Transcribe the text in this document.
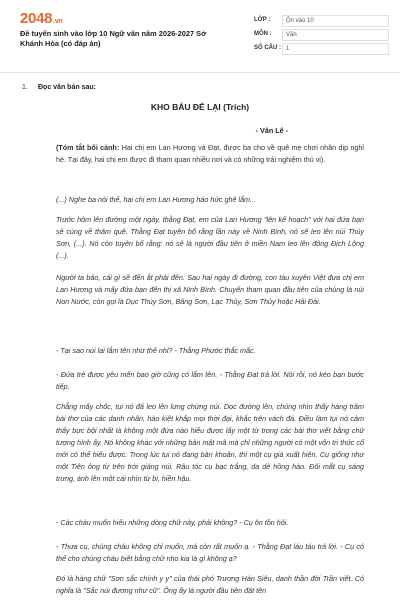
2048.vn
Đề tuyển sinh vào lớp 10 Ngữ văn năm 2026-2027 Sở Khánh Hòa (có đáp án)
LỚP :	Ôn vào 10
MÔN :	Văn
SỐ CÂU : 1
1. Đọc văn bản sau:
KHO BÁU ĐỂ LẠI (Trích)
- Văn Lê -

(Tóm tắt bối cảnh: Hai chị em Lan Hương và Đạt, được ba cho về quê mẹ chơi nhân dịp nghỉ hè. Tại đây, hai chị em được đi tham quan nhiều nơi và có những trải nghiệm thú vị).

(...) Nghe ba nói thế, hai chị em Lan Hương háo hức ghê lắm...

Trước hôm lên đường một ngày, thằng Đạt, em của Lan Hương "lên kế hoạch" với hai đứa bạn sẽ cùng về thăm quê. Thằng Đạt tuyên bố rằng lần này về Ninh Bình, nó sẽ leo lên núi Thúy Sơn, (...). Nó còn tuyên bố rằng: nó sẽ là người đầu tiên ở miền Nam leo lên động Địch Lộng (...).

Người ta bảo, cái gì sẽ đến ắt phải đến. Sau hai ngày đi đường, con tàu xuyên Việt đưa chị em Lan Hương và mấy đứa bạn đến thị xã Ninh Bình. Chuyến tham quan đầu tiên của chúng là núi Non Nước, còn gọi là Dục Thúy Sơn, Băng Sơn, Lạc Thủy, Sơn Thủy hoặc Hải Đài.

- Tại sao núi lại lắm tên như thế nhỉ? - Thằng Phước thắc mắc.

- Đứa trẻ được yêu mến bao giờ cũng có lắm tên. - Thằng Đạt trả lời. Nói rồi, nó kéo bạn bước tiếp.

Chẳng mấy chốc, tụi nó đã leo lên lưng chừng núi. Dọc đường lên, chúng nhìn thấy hàng trăm bài thơ của các danh nhân, hào kiệt khắp mọi thời đại, khắc trên vách đá. Điều làm tụi nó cảm thấy bực bội nhất là không một đứa nào hiểu được lấy một từ trong các bài thơ viết bằng chữ tượng hình ấy. Nó không khác với những bản mật mã mà chỉ những người có một vốn tri thức cổ mới có thể hiểu được. Trong lúc tụi nó đang băn khoăn, thì một cụ già xuất hiện. Cụ giống như một Tiên ông từ trên trời giáng núi. Râu tóc cụ bạc trắng, da dẻ hồng hào. Đôi mắt cụ sáng trưng, ánh lên một cái nhìn từ bi, hiền hậu.

- Các cháu muốn hiểu những dòng chữ này, phải không? - Cụ ôn tồn hỏi.

- Thưa cụ, chúng cháu không chỉ muốn, mà còn rất muốn ạ. - Thằng Đạt láu táu trả lời. - Cụ có thể cho chúng cháu biết bằng chữ nho kia là gì không ạ?

Đó là hàng chữ "Sơn sắc chính y y" của thái phó Trương Hán Siêu, danh thần đời Trần viết. Có nghĩa là "Sắc núi đương như cũ". Ông ấy là người đầu tiên đặt tên
